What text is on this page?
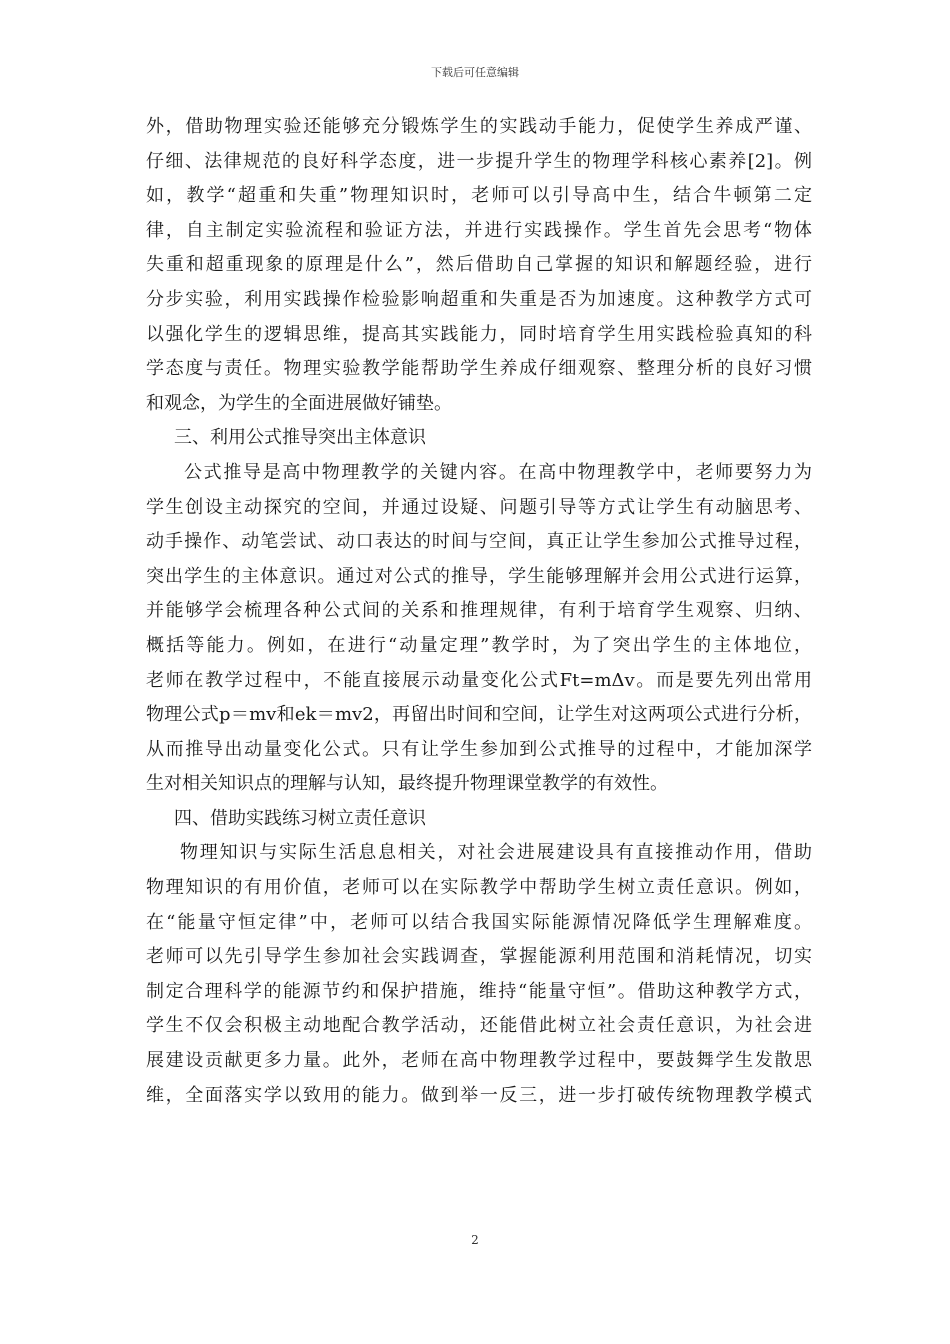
下载后可任意编辑
外，借助物理实验还能够充分锻炼学生的实践动手能力，促使学生养成严谨、
仔细、法律规范的良好科学态度，进一步提升学生的物理学科核心素养[2]。例
如，教学“超重和失重”物理知识时，老师可以引导高中生，结合牛顿第二定
律，自主制定实验流程和验证方法，并进行实践操作。学生首先会思考“物体
失重和超重现象的原理是什么”，然后借助自己掌握的知识和解题经验，进行
分步实验，利用实践操作检验影响超重和失重是否为加速度。这种教学方式可
以强化学生的逻辑思维，提高其实践能力，同时培育学生用实践检验真知的科
学态度与责任。物理实验教学能帮助学生养成仔细观察、整理分析的良好习惯
和观念，为学生的全面进展做好铺垫。
三、利用公式推导突出主体意识
公式推导是高中物理教学的关键内容。在高中物理教学中，老师要努力为
学生创设主动探究的空间，并通过设疑、问题引导等方式让学生有动脑思考、
动手操作、动笔尝试、动口表达的时间与空间，真正让学生参加公式推导过程，
突出学生的主体意识。通过对公式的推导，学生能够理解并会用公式进行运算，
并能够学会梳理各种公式间的关系和推理规律，有利于培育学生观察、归纳、
概括等能力。例如，在进行“动量定理”教学时，为了突出学生的主体地位，
老师在教学过程中，不能直接展示动量变化公式Ft=mΔv。而是要先列出常用
物理公式p＝mv和ek＝mv2，再留出时间和空间，让学生对这两项公式进行分析，
从而推导出动量变化公式。只有让学生参加到公式推导的过程中，才能加深学
生对相关知识点的理解与认知，最终提升物理课堂教学的有效性。
四、借助实践练习树立责任意识
物理知识与实际生活息息相关，对社会进展建设具有直接推动作用，借助
物理知识的有用价值，老师可以在实际教学中帮助学生树立责任意识。例如，
在“能量守恒定律”中，老师可以结合我国实际能源情况降低学生理解难度。
老师可以先引导学生参加社会实践调查，掌握能源利用范围和消耗情况，切实
制定合理科学的能源节约和保护措施，维持“能量守恒”。借助这种教学方式，
学生不仅会积极主动地配合教学活动，还能借此树立社会责任意识，为社会进
展建设贡献更多力量。此外，老师在高中物理教学过程中，要鼓舞学生发散思
维，全面落实学以致用的能力。做到举一反三，进一步打破传统物理教学模式
2
